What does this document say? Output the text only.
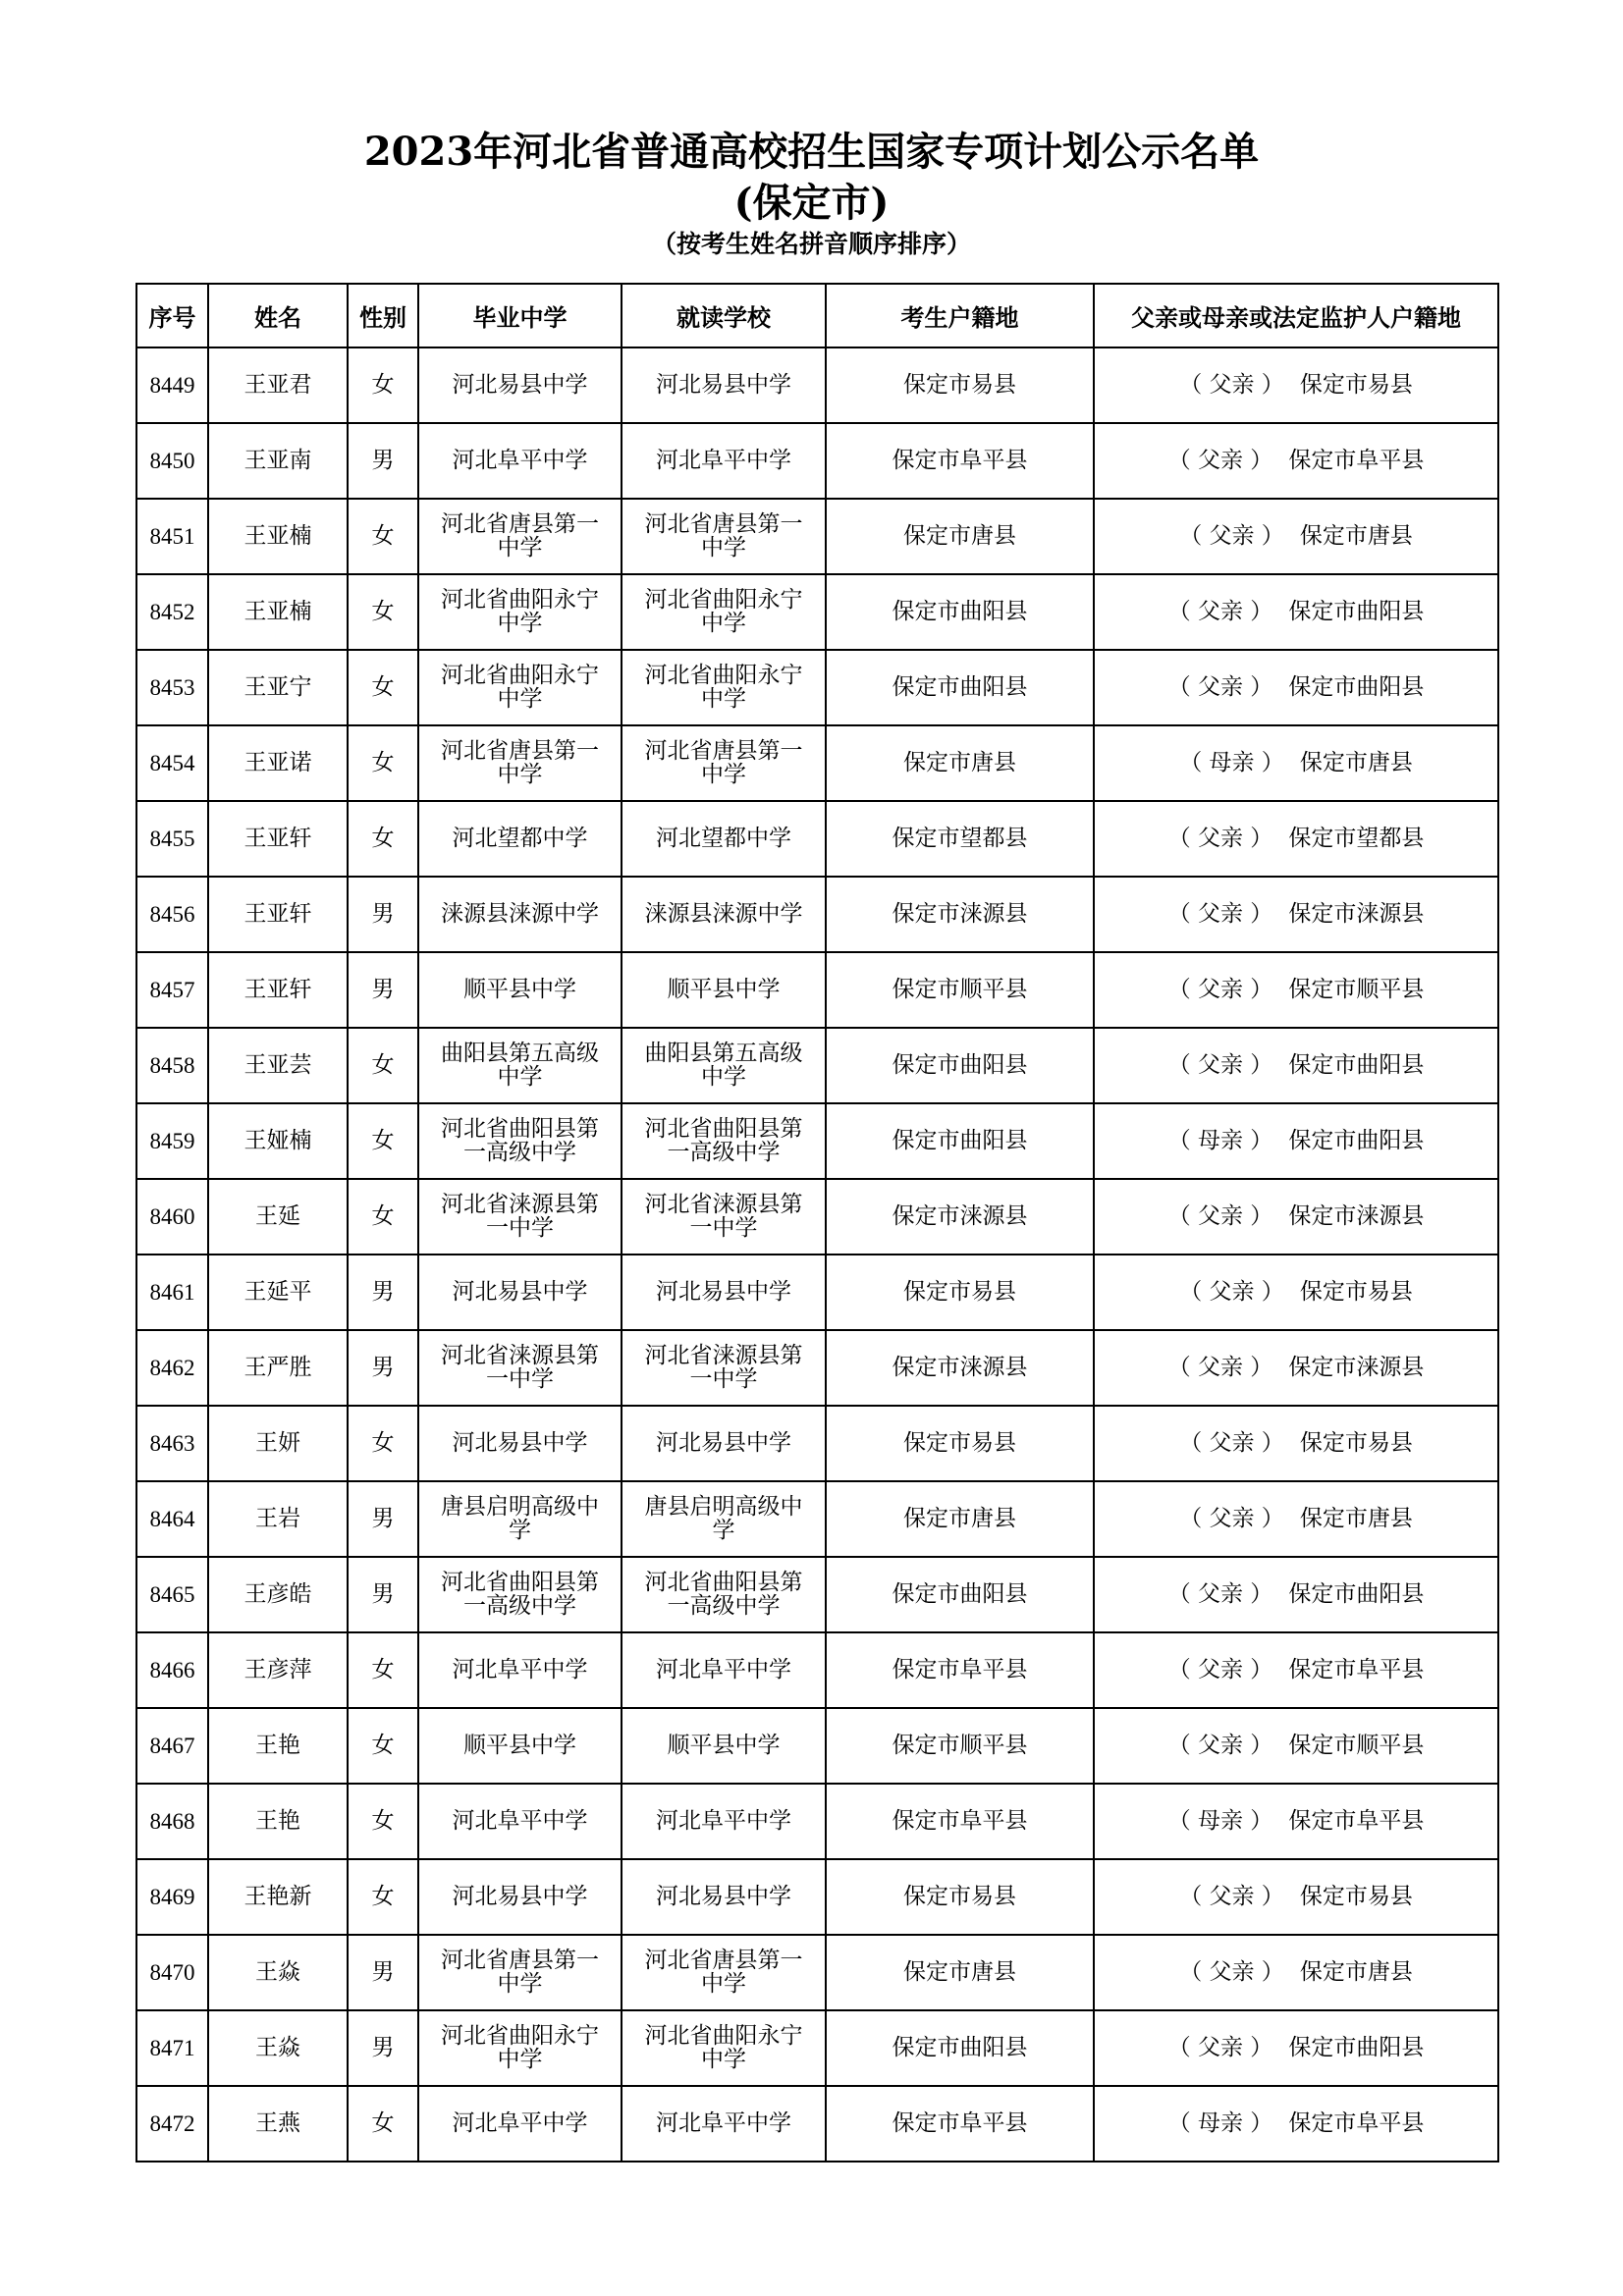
2023年河北省普通高校招生国家专项计划公示名单
(保定市)
（按考生姓名拼音顺序排序）
序号	姓名	性别	毕业中学	就读学校	考生户籍地	父亲或母亲或法定监护人户籍地
8449	王亚君	女	河北易县中学	河北易县中学	保定市易县	（ 父亲 ） 保定市易县
8450	王亚南	男	河北阜平中学	河北阜平中学	保定市阜平县	（ 父亲 ） 保定市阜平县
8451	王亚楠	女	河北省唐县第一中学	河北省唐县第一中学	保定市唐县	（ 父亲 ） 保定市唐县
8452	王亚楠	女	河北省曲阳永宁中学	河北省曲阳永宁中学	保定市曲阳县	（ 父亲 ） 保定市曲阳县
8453	王亚宁	女	河北省曲阳永宁中学	河北省曲阳永宁中学	保定市曲阳县	（ 父亲 ） 保定市曲阳县
8454	王亚诺	女	河北省唐县第一中学	河北省唐县第一中学	保定市唐县	（ 母亲 ） 保定市唐县
8455	王亚轩	女	河北望都中学	河北望都中学	保定市望都县	（ 父亲 ） 保定市望都县
8456	王亚轩	男	涞源县涞源中学	涞源县涞源中学	保定市涞源县	（ 父亲 ） 保定市涞源县
8457	王亚轩	男	顺平县中学	顺平县中学	保定市顺平县	（ 父亲 ） 保定市顺平县
8458	王亚芸	女	曲阳县第五高级中学	曲阳县第五高级中学	保定市曲阳县	（ 父亲 ） 保定市曲阳县
8459	王娅楠	女	河北省曲阳县第一高级中学	河北省曲阳县第一高级中学	保定市曲阳县	（ 母亲 ） 保定市曲阳县
8460	王延	女	河北省涞源县第一中学	河北省涞源县第一中学	保定市涞源县	（ 父亲 ） 保定市涞源县
8461	王延平	男	河北易县中学	河北易县中学	保定市易县	（ 父亲 ） 保定市易县
8462	王严胜	男	河北省涞源县第一中学	河北省涞源县第一中学	保定市涞源县	（ 父亲 ） 保定市涞源县
8463	王妍	女	河北易县中学	河北易县中学	保定市易县	（ 父亲 ） 保定市易县
8464	王岩	男	唐县启明高级中学	唐县启明高级中学	保定市唐县	（ 父亲 ） 保定市唐县
8465	王彦皓	男	河北省曲阳县第一高级中学	河北省曲阳县第一高级中学	保定市曲阳县	（ 父亲 ） 保定市曲阳县
8466	王彦萍	女	河北阜平中学	河北阜平中学	保定市阜平县	（ 父亲 ） 保定市阜平县
8467	王艳	女	顺平县中学	顺平县中学	保定市顺平县	（ 父亲 ） 保定市顺平县
8468	王艳	女	河北阜平中学	河北阜平中学	保定市阜平县	（ 母亲 ） 保定市阜平县
8469	王艳新	女	河北易县中学	河北易县中学	保定市易县	（ 父亲 ） 保定市易县
8470	王焱	男	河北省唐县第一中学	河北省唐县第一中学	保定市唐县	（ 父亲 ） 保定市唐县
8471	王焱	男	河北省曲阳永宁中学	河北省曲阳永宁中学	保定市曲阳县	（ 父亲 ） 保定市曲阳县
8472	王燕	女	河北阜平中学	河北阜平中学	保定市阜平县	（ 母亲 ） 保定市阜平县
